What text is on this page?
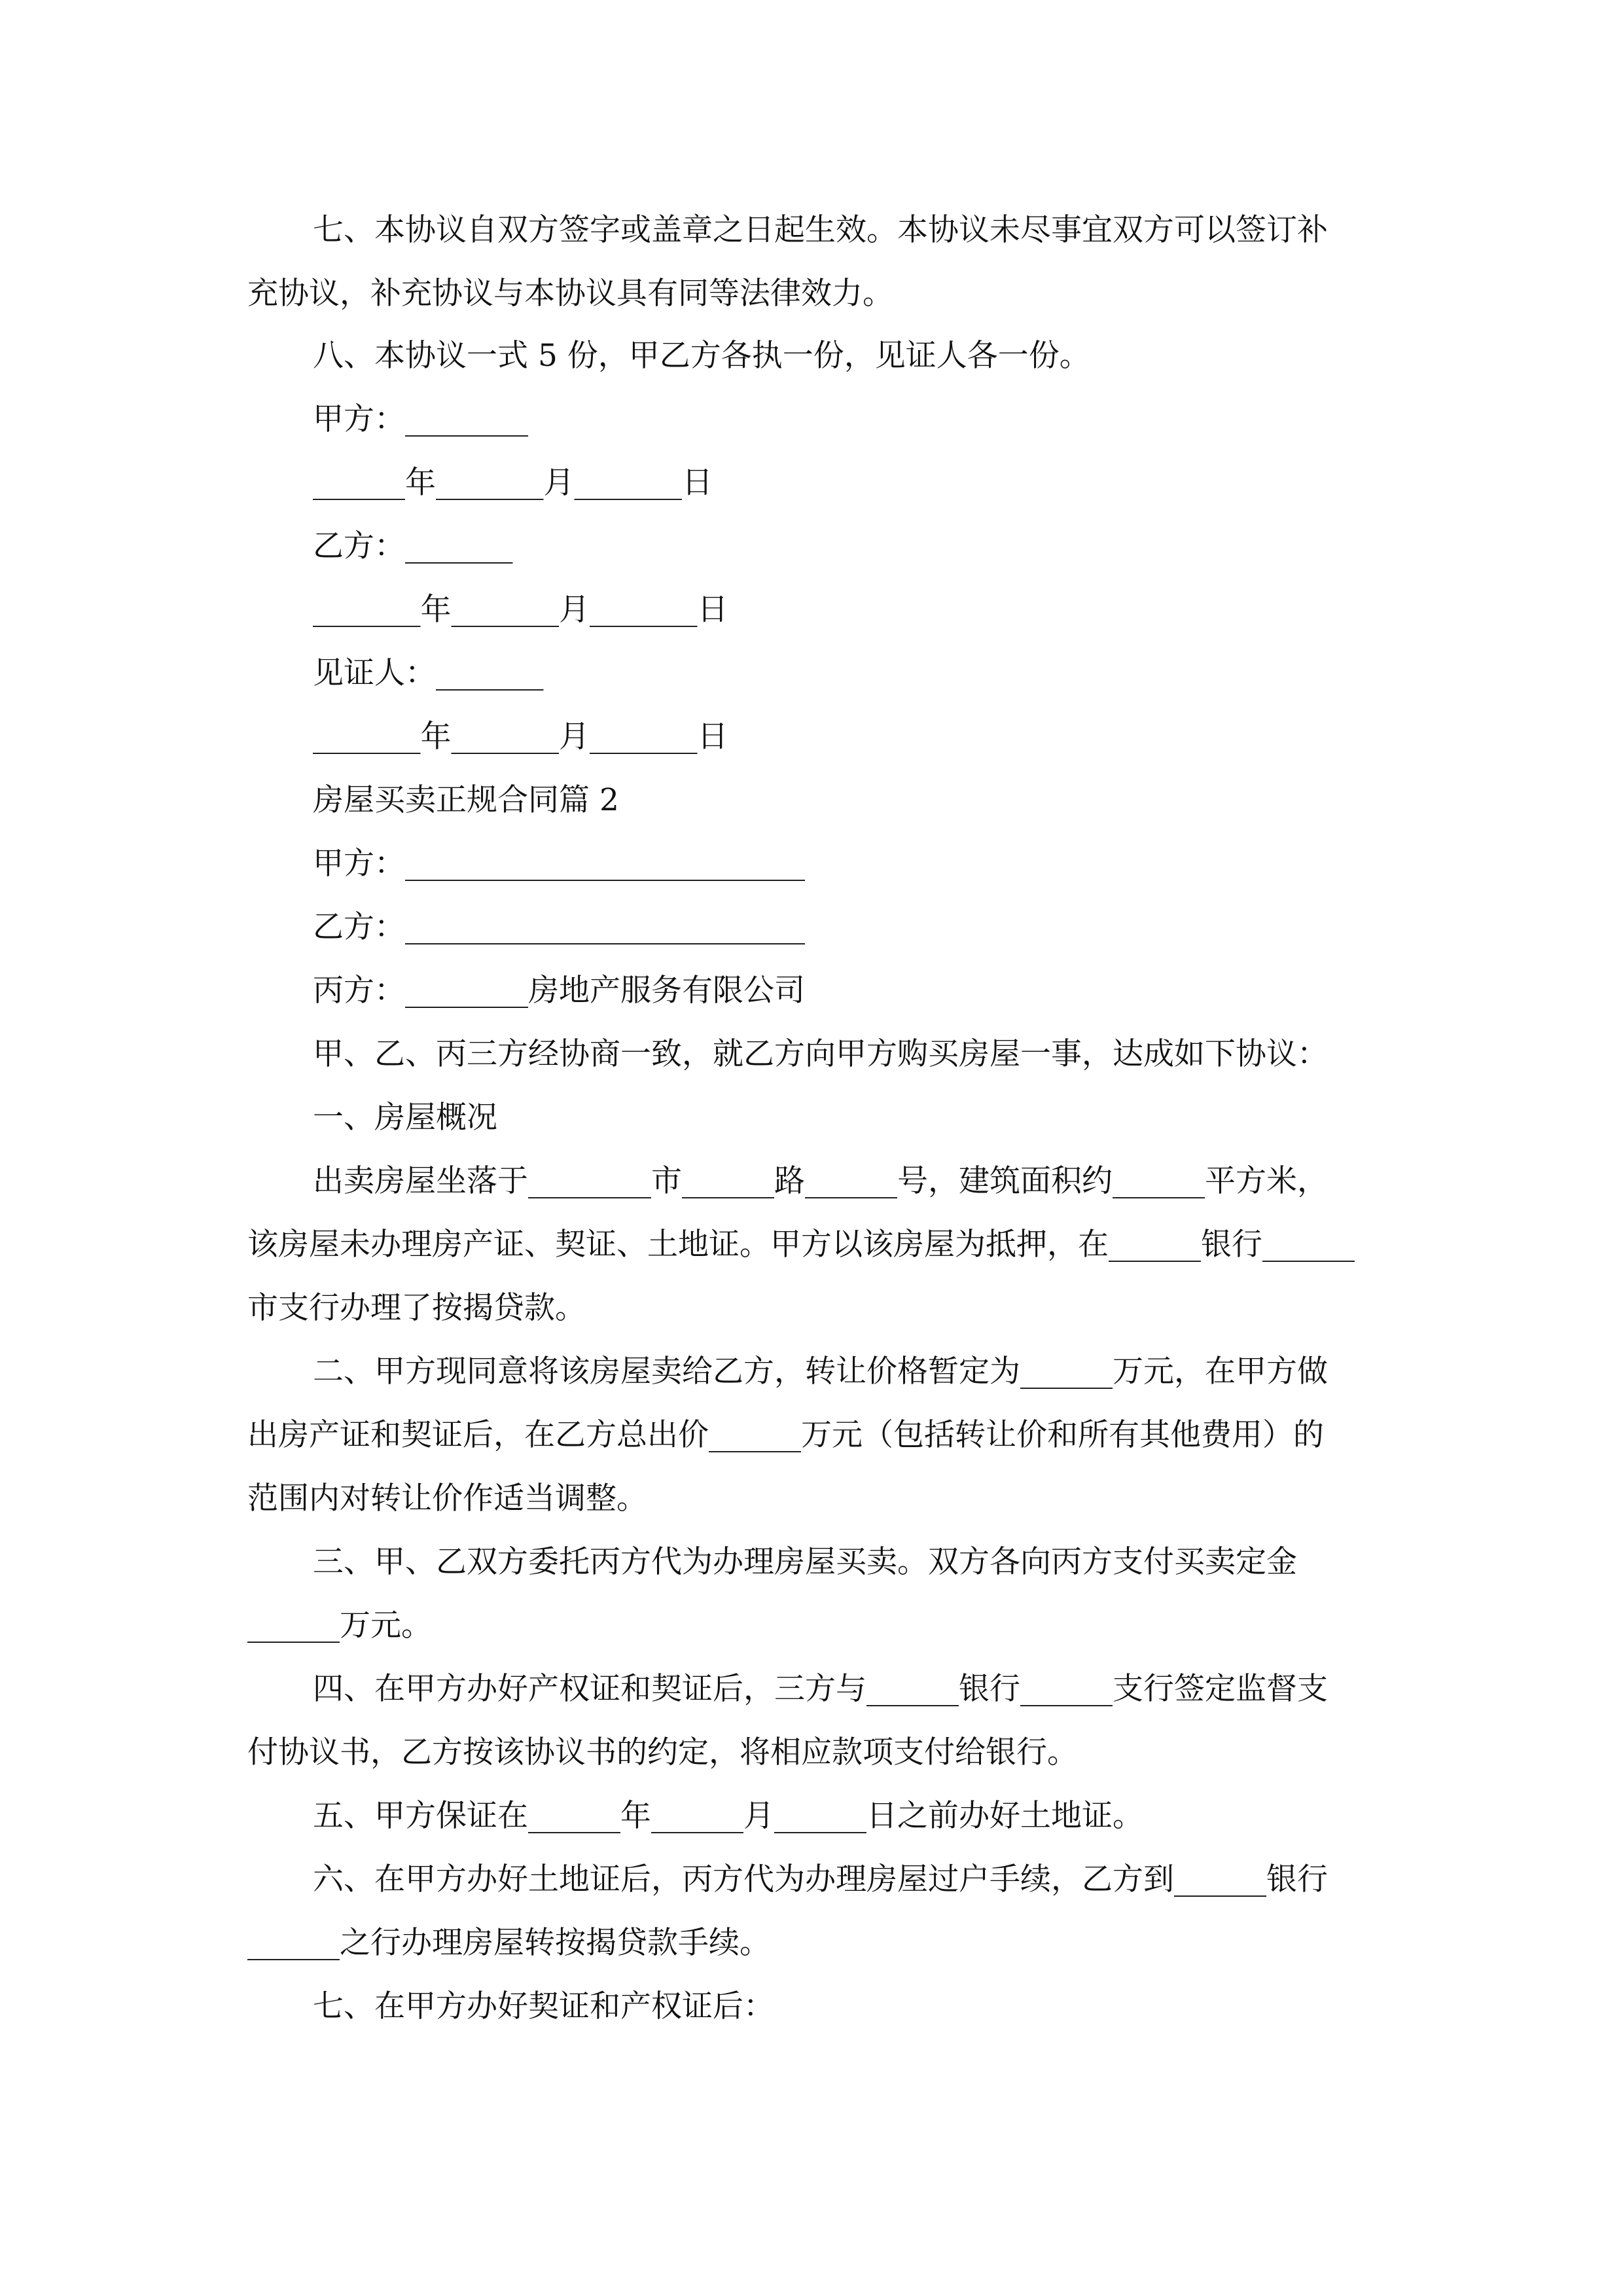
七、本协议自双方签字或盖章之日起生效。本协议未尽事宜双方可以签订补
充协议，补充协议与本协议具有同等法律效力。
八、本协议一式 5 份，甲乙方各执一份，见证人各一份。
甲方：________
______年_______月_______日
乙方：_______
_______年_______月_______日
见证人：_______
_______年_______月_______日
房屋买卖正规合同篇 2
甲方：__________________________
乙方：__________________________
丙方：________房地产服务有限公司
甲、乙、丙三方经协商一致，就乙方向甲方购买房屋一事，达成如下协议：
一、房屋概况
出卖房屋坐落于________市______路______号，建筑面积约______平方米，
该房屋未办理房产证、契证、土地证。甲方以该房屋为抵押，在______银行______
市支行办理了按揭贷款。
二、甲方现同意将该房屋卖给乙方，转让价格暂定为______万元，在甲方做
出房产证和契证后，在乙方总出价______万元（包括转让价和所有其他费用）的
范围内对转让价作适当调整。
三、甲、乙双方委托丙方代为办理房屋买卖。双方各向丙方支付买卖定金
______万元。
四、在甲方办好产权证和契证后，三方与______银行______支行签定监督支
付协议书，乙方按该协议书的约定，将相应款项支付给银行。
五、甲方保证在______年______月______日之前办好土地证。
六、在甲方办好土地证后，丙方代为办理房屋过户手续，乙方到______银行
______之行办理房屋转按揭贷款手续。
七、在甲方办好契证和产权证后：
